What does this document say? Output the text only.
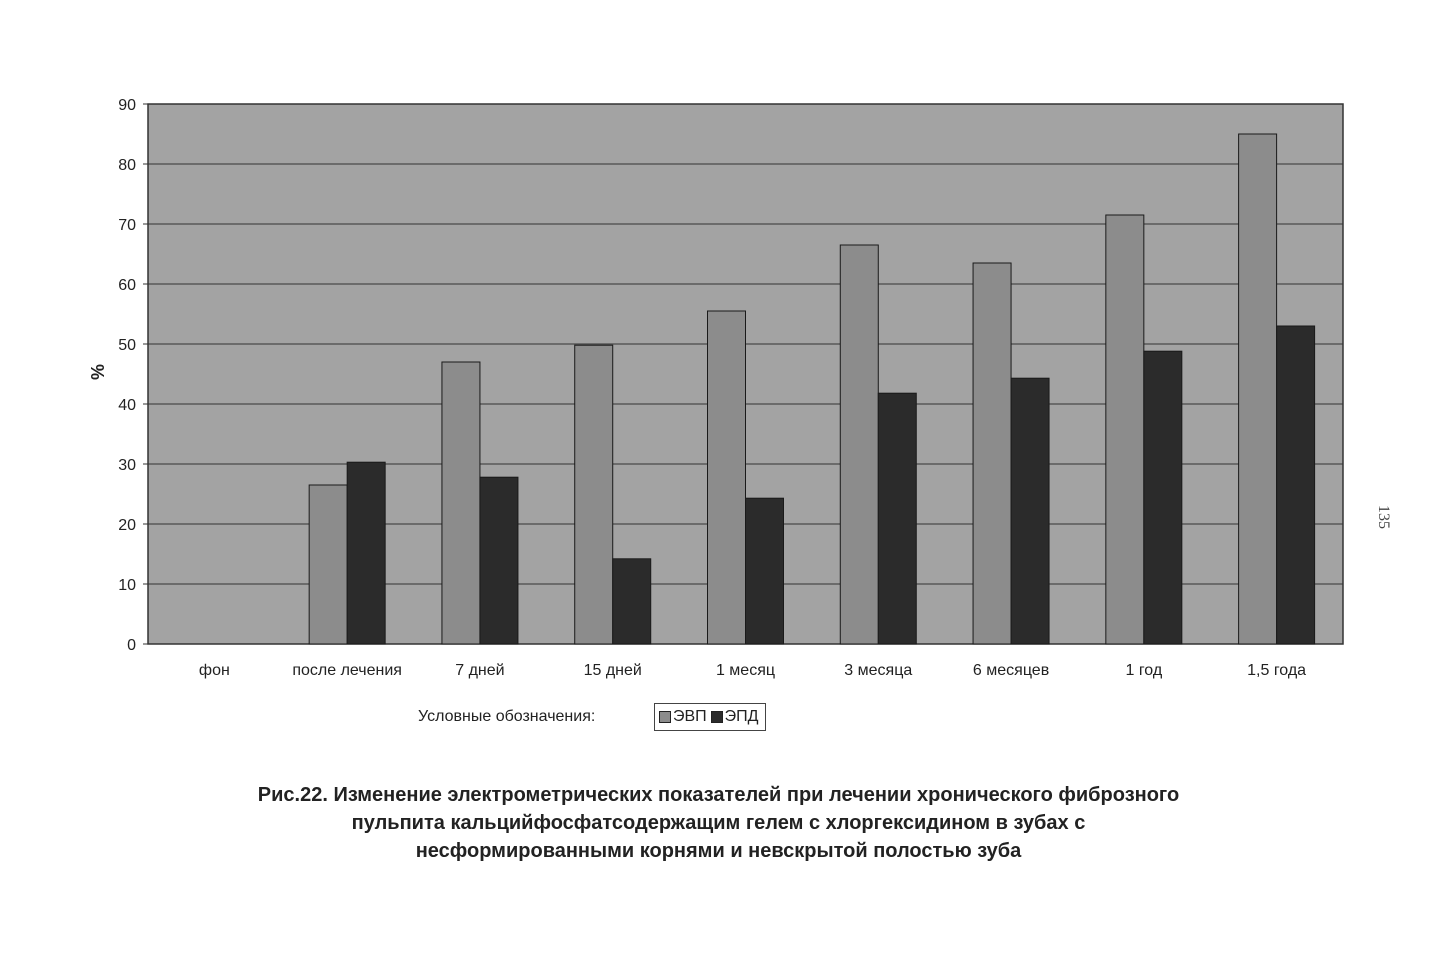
0
10
20
30
40
50
60
70
80
90
фон	после лечения	7 дней	15 дней	1 месяц	3 месяца	6 месяцев	1 год	1,5 года
%
Условные обозначения:	ЭВП ЭПД
Рис.22. Изменение электрометрических показателей при лечении хронического фиброзного
пульпита кальцийфосфатсодержащим гелем с хлоргексидином в зубах с
несформированными корнями и невскрытой полостью зуба
135
